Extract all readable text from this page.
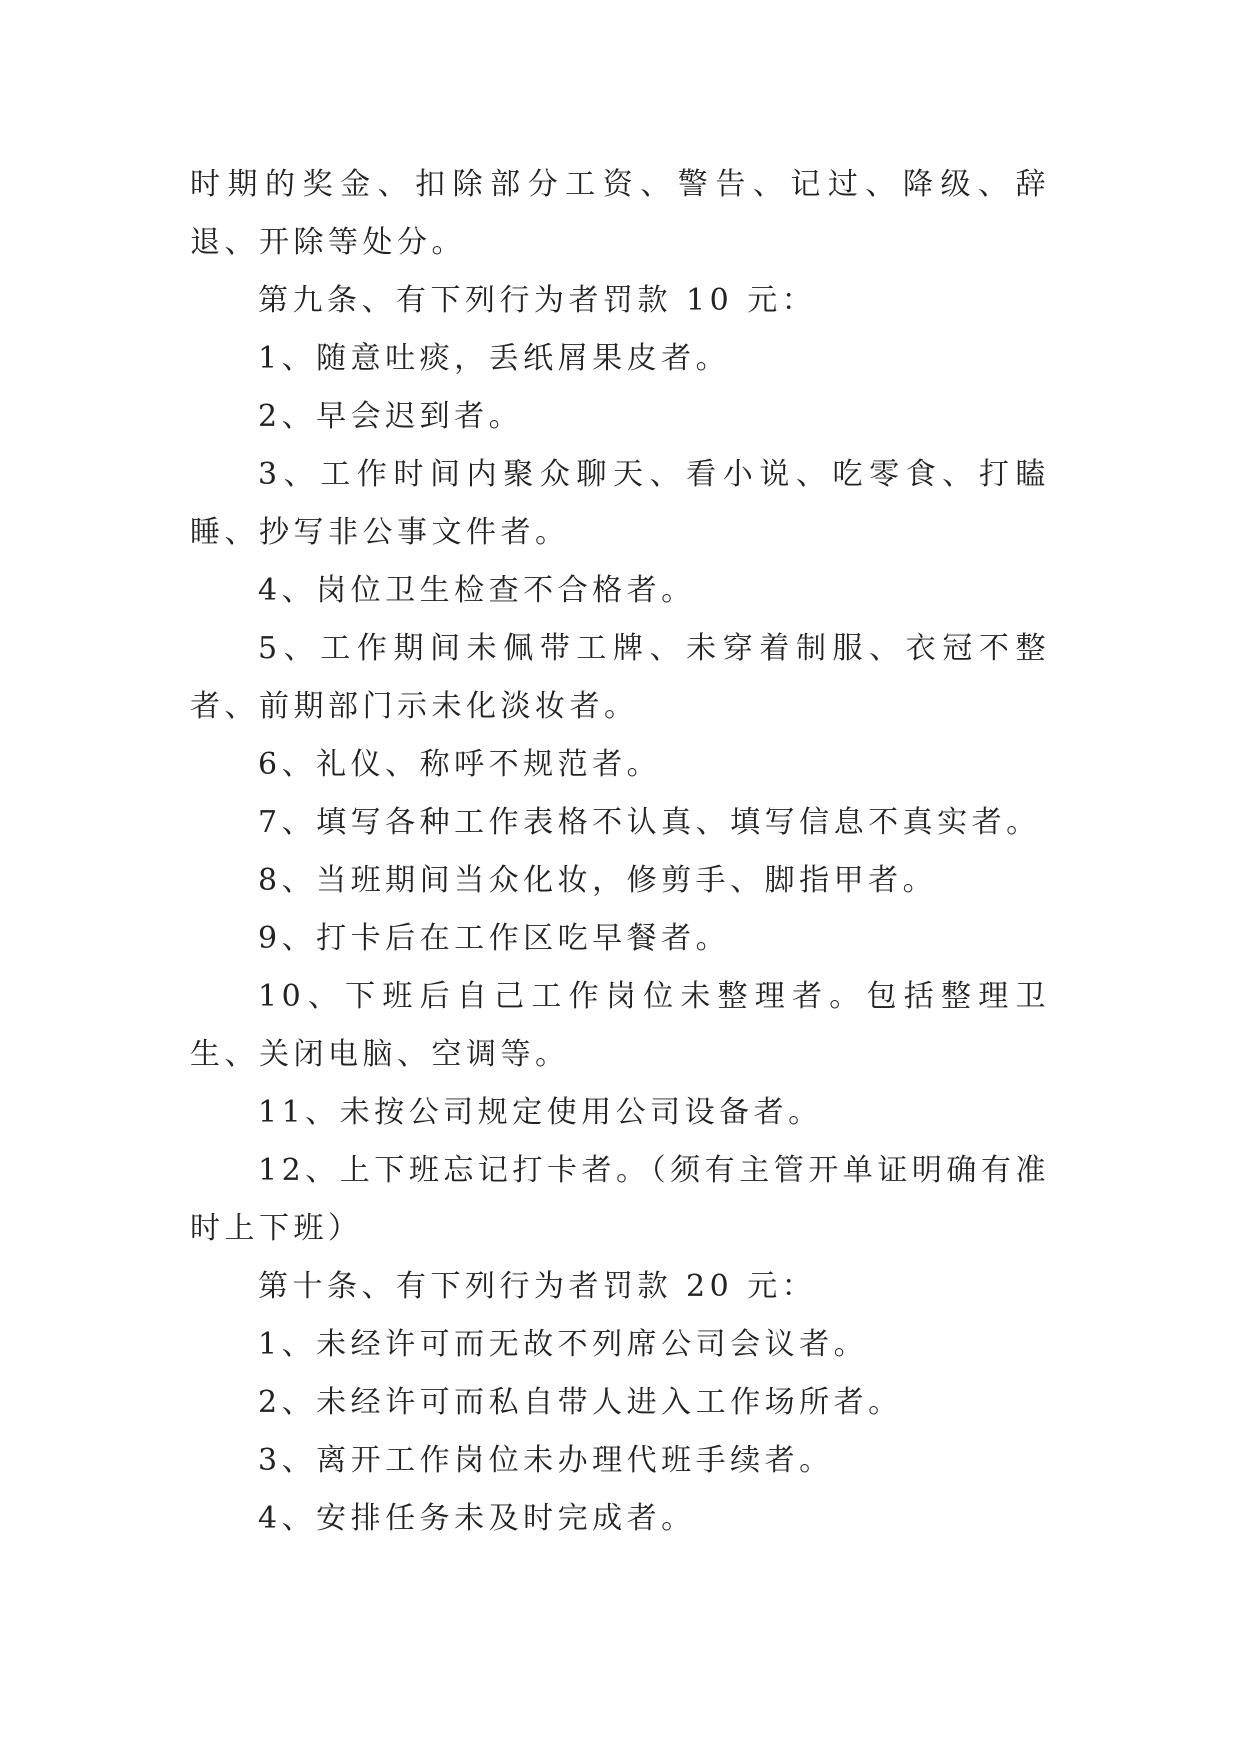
时期的奖金、扣除部分工资、警告、记过、降级、辞退、开除等处分。

第九条、有下列行为者罚款 10 元：

1、随意吐痰，丢纸屑果皮者。

2、早会迟到者。

3、工作时间内聚众聊天、看小说、吃零食、打瞌睡、抄写非公事文件者。

4、岗位卫生检查不合格者。

5、工作期间未佩带工牌、未穿着制服、衣冠不整者、前期部门示未化淡妆者。

6、礼仪、称呼不规范者。

7、填写各种工作表格不认真、填写信息不真实者。

8、当班期间当众化妆，修剪手、脚指甲者。

9、打卡后在工作区吃早餐者。

10、下班后自己工作岗位未整理者。包括整理卫生、关闭电脑、空调等。

11、未按公司规定使用公司设备者。

12、上下班忘记打卡者。（须有主管开单证明确有准时上下班）

第十条、有下列行为者罚款 20 元：

1、未经许可而无故不列席公司会议者。

2、未经许可而私自带人进入工作场所者。

3、离开工作岗位未办理代班手续者。

4、安排任务未及时完成者。
